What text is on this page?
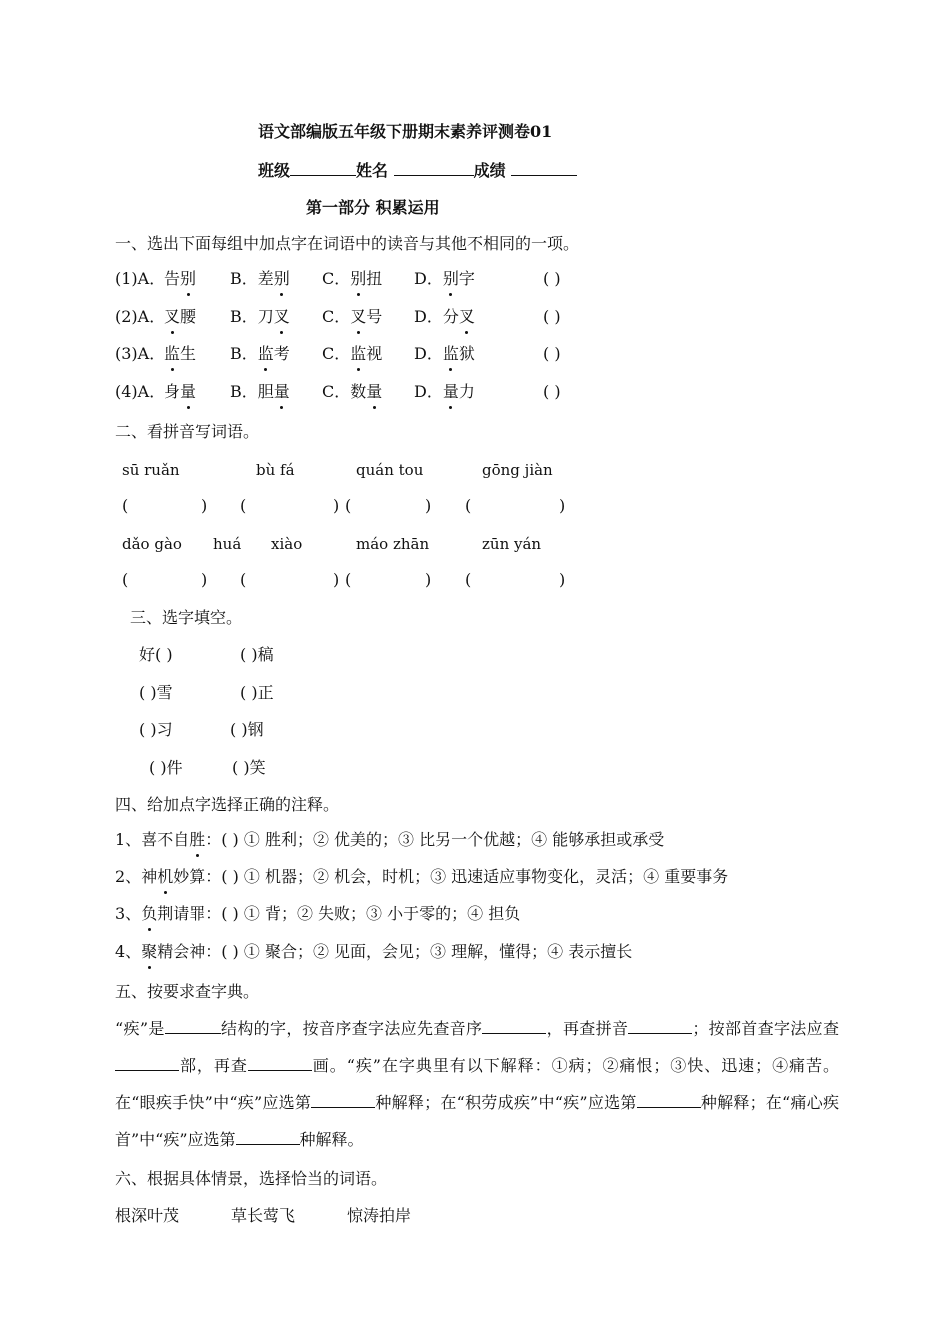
语文部编版五年级下册期末素养评测卷01
班级	姓名	成绩
第一部分 积累运用
一、选出下面每组中加点字在词语中的读音与其他不相同的一项。
(1)A．
告别 B．差别 C．别扭 D．别字	( )
(2)A．
叉腰 B．刀叉 C．叉号 D．分叉	( )
(3)A．
监生 B．监考 C．监视 D．监狱	( )
(4)A．
身量 B．胆量 C．数量 D．量力	( )
二、看拼音写词语。
sū ruǎn	bù fá	quán tou	gōng jiàn
(	) (	) (	) (	)
dǎo gào huá xiào	máo zhān	zūn yán
(	) (	) (	) (	)
三、选字填空。
好( )	( )稿
( )雪	( )正
( )习	( )钢
( )件	( )笑
四、给加点字选择正确的注释。
1、喜不自胜：( ) ① 胜利；② 优美的；③ 比另一个优越；④ 能够承担或承受
2、神机妙算：( ) ① 机器；② 机会，时机；③ 迅速适应事物变化，灵活；④ 重要事务
3、负荆请罪：( ) ① 背；② 失败；③ 小于零的；④ 担负
4、聚精会神：( ) ① 聚合；② 见面，会见；③ 理解，懂得；④ 表示擅长
五、按要求查字典。
“疾”是	结构的字，按音序查字法应先查音序	，再查拼音	；按部首查字法应查部，再查	画。“疾”在字典里有以下解释：①病；②痛恨；③快、迅速；④痛苦。在“眼疾手快”中“疾”应选第	种解释；在“积劳成疾”中“疾”应选第	种解释；在“痛心疾首”中“疾”应选第	种解释。
六、根据具体情景，选择恰当的词语。
根深叶茂	草长莺飞	惊涛拍岸
